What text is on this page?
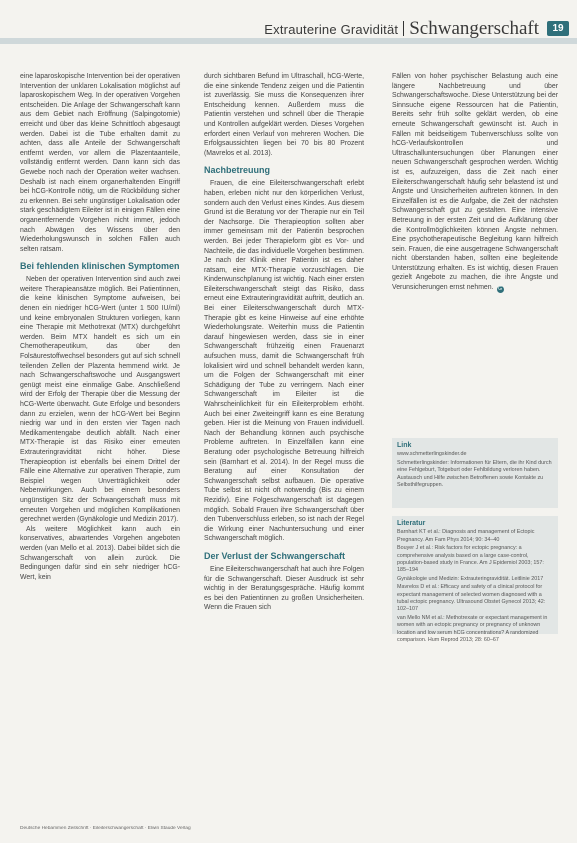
Extrauterine Gravidität Schwangerschaft	19

eine laparoskopische Intervention bei der operativen Intervention der unklaren Lokalisation möglichst auf laparoskopischem Weg. In der operativen Vorgehen entscheiden. Die Anlage der Schwangerschaft kann aus dem Gebiet nach Eröffnung (Salpingotomie) erreicht und über das kleine Schnittloch abgesaugt werden. Dabei ist die Tube erhalten damit zu achten, dass alle Anteile der Schwangerschaft entfernt werden, vor allem die Plazentaanteile, vollständig entfernt werden. Dann kann sich das Gewebe noch nach der Operation weiter wachsen. Deshalb ist nach einem organerhaltenden Eingriff bei hCG-Kontrolle nötig, um die Rückbildung sicher zu erkennen. Bei sehr ungünstiger Lokalisation oder stark geschädigtem Eileiter ist in einigen Fällen eine organentfernende Vorgehen nicht immer, jedoch nach Abwägen des Wissens über den Wiederholungswunsch in solchen Fällen auch selten ratsam.

Bei fehlenden klinischen Symptomen

Neben der operativen Intervention sind auch zwei weitere Therapieansätze möglich. Bei Patientinnen, die keine klinischen Symptome aufweisen, bei denen ein niedriger hCG-Wert (unter 1 500 IU/ml) und keine embryonalen Strukturen vorliegen, kann eine Therapie mit Methotrexat (MTX) durchgeführt werden. Beim MTX handelt es sich um ein Chemotherapeutikum, das über den Folsäurestoffwechsel besonders gut auf sich schnell teilenden Zellen der Plazenta hemmend wirkt. Je nach Schwangerschaftswoche und Ausgangswert genügt meist eine einmalige Gabe. Anschließend wird der Erfolg der Therapie über die Messung der hCG-Werte überwacht. Gute Erfolge und besonders dann zu erzielen, wenn der hCG-Wert bei Beginn niedrig war und in den ersten vier Tagen nach Medikamentengabe deutlich abfällt. Nach einer MTX-Therapie ist das Risiko einer erneuten Extrauteringravidität nicht höher. Diese Therapieoption ist ebenfalls bei einem Drittel der Fälle eine Alternative zur operativen Therapie, zum Beispiel wegen Unverträglichkeit oder Nebenwirkungen. Auch bei einem besonders ungünstigen Sitz der Schwangerschaft muss mit erneuten Vorgehen und möglichen Komplikationen gerechnet werden (Gynäkologie und Medizin 2017).

Als weitere Möglichkeit kann auch ein konservatives, abwartendes Vorgehen angeboten werden (van Mello et al. 2013). Dabei bildet sich die Schwangerschaft von allein zurück. Die Bedingungen dafür sind ein sehr niedriger hCG-Wert, kein

durch sichtbaren Befund im Ultraschall, hCG-Werte, die eine sinkende Tendenz zeigen und die Patientin ist zuverlässig. Sie muss die Konsequenzen ihrer Entscheidung kennen. Außerdem muss die Patientin verstehen und schnell über die Therapie und Kontrollen aufgeklärt werden. Dieses Vorgehen erfordert einen Verlauf von mehreren Wochen. Die Erfolgsaussichten liegen bei 70 bis 80 Prozent (Mavrelos et al. 2013).

Nachbetreuung

Frauen, die eine Eileiterschwangerschaft erlebt haben, erleben nicht nur den körperlichen Verlust, sondern auch den Verlust eines Kindes. Aus diesem Grund ist die Beratung vor der Therapie nur ein Teil der Nachsorge. Die Therapieoption sollten aber immer gemeinsam mit der Patientin besprochen werden. Bei jeder Therapieform gibt es Vor- und Nachteile, die das individuelle Vorgehen bestimmen. Je nach der Klinik einer Patientin ist es daher ratsam, eine MTX-Therapie vorzuschlagen. Die Kinderwunschplanung ist wichtig. Nach einer ersten Eileiterschwangerschaft steigt das Risiko, dass erneut eine Extrauteringravidität auftritt, deutlich an. Bei einer Eileiterschwangerschaft durch MTX-Therapie gibt es keine Hinweise auf eine erhöhte Wiederholungsrate. Weiterhin muss die Patientin darauf hingewiesen werden, dass sie in einer Schwangerschaft frühzeitig einen Frauenarzt aufsuchen muss, damit die Schwangerschaft früh lokalisiert wird und schnell behandelt werden kann, um die Folgen der Schwangerschaft mit einer Schädigung der Tube zu verringern. Nach einer Schwangerschaft im Eileiter ist die Wahrscheinlichkeit für ein Eileiterproblem erhöht. Auch bei einer Zweiteingriff kann es eine Beratung geben. Hier ist die Meinung von Frauen individuell. Nach der Behandlung können auch psychische Probleme auftreten. In Einzelfällen kann eine Beratung oder psychologische Betreuung hilfreich sein (Barnhart et al. 2014). In der Regel muss die Beratung auf einer Konsultation der Schwangerschaft selbst aufbauen. Die operative Tube selbst ist nicht oft notwendig (Bis zu einem Rezidiv). Eine Folgeschwangerschaft ist dagegen möglich. Sobald Frauen ihre Schwangerschaft über den Tubenverschluss erleben, so ist nach der Regel die Wirkung einer Nachuntersuchung und einer Schwangerschaft möglich.

Der Verlust der Schwangerschaft

Eine Eileiterschwangerschaft hat auch ihre Folgen für die Schwangerschaft. Dieser Ausdruck ist sehr wichtig in der Beratungsgespräche. Häufig kommt es bei den Patientinnen zu großen Unsicherheiten. Wenn die Frauen sich

Fällen von hoher psychischer Belastung auch eine längere Nachbetreuung und über Schwangerschaftswoche. Diese Unterstützung bei der Sinnsuche eigene Ressourcen hat die Patientin, Bereits sehr früh sollte geklärt werden, ob eine erneute Schwangerschaft gewünscht ist. Auch in Fällen mit beidseitigem Tubenverschluss sollte von hCG-Verlaufskontrollen und Ultraschalluntersuchungen über Planungen einer neuen Schwangerschaft gesprochen werden. Wichtig ist es, aufzuzeigen, dass die Zeit nach einer Eileiterschwangerschaft häufig sehr belastend ist und Ängste und Unsicherheiten auftreten können. In den Einzelfällen ist es die Aufgabe, die Zeit der nächsten Schwangerschaft gut zu gestalten. Eine intensive Betreuung in der ersten Zeit und die Aufklärung über die Kontrollmöglichkeiten können Ängste nehmen. Eine psychotherapeutische Begleitung kann hilfreich sein. Frauen, die eine ausgetragene Schwangerschaft nicht überstanden haben, sollten eine begleitende Unterstützung erhalten. Es ist wichtig, diesen Frauen gezielt Angebote zu machen, die ihre Ängste und Verunsicherungen ernst nehmen. G

Link
www.schmetterlingskinder.de
Schmetterlingskinder: Informationen für Eltern, die ihr Kind durch eine Fehlgeburt, Totgeburt oder Fehlbildung verloren haben. Austausch und Hilfe zwischen Betroffenen sowie Kontakte zu Selbsthilfegruppen.
Literatur
Barnhart KT et al.: Diagnosis and management of Ectopic Pregnancy. Am Fam Phys 2014; 90: 34–40
Bouyer J et al.: Risk factors for ectopic pregnancy: a comprehensive analysis based on a large case-control, population-based study in France. Am J Epidemiol 2003; 157: 185–194
Gynäkologie und Medizin: Extrauteringravidität. Leitlinie 2017
Mavrelos D et al.: Efficacy and safety of a clinical protocol for expectant management of selected women diagnosed with a tubal ectopic pregnancy. Ultrasound Obstet Gynecol 2013; 42: 102–107
van Mello NM et al.: Methotrexate or expectant management in women with an ectopic pregnancy or pregnancy of unknown location and low serum hCG concentrations? A randomized comparison. Hum Reprod 2013; 28: 60–67
Deutsche Hebammen Zeitschrift · Eileiterschwangerschaft · Elwin Staude Verlag
